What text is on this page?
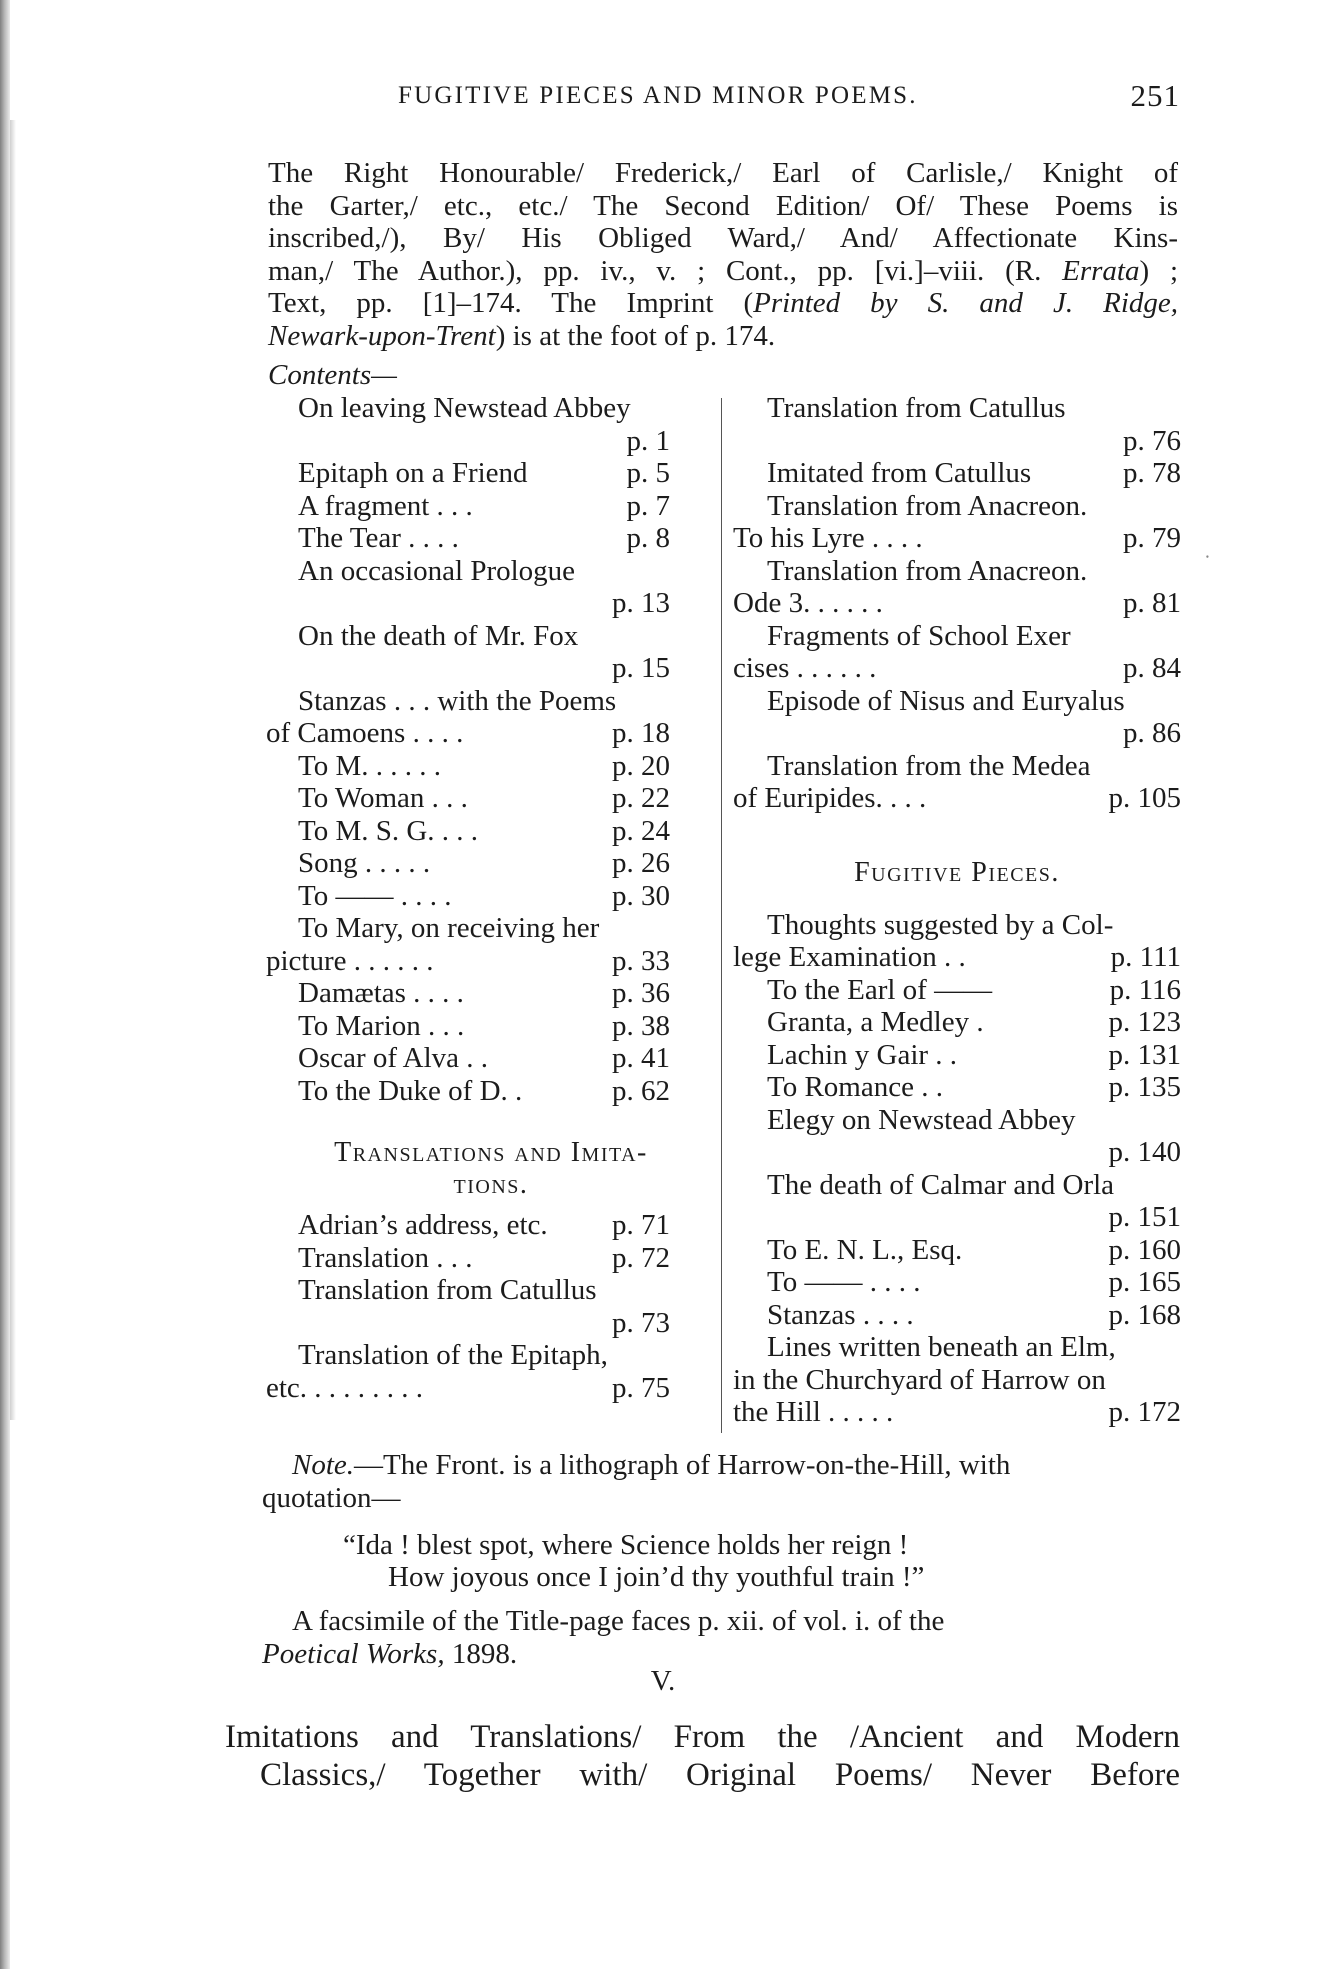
⸱
FUGITIVE PIECES AND MINOR POEMS.	251
The Right Honourable/ Frederick,/ Earl of Carlisle,/ Knight of
the Garter,/ etc., etc./ The Second Edition/ Of/ These Poems is
inscribed,/), By/ His Obliged Ward,/ And/ Affectionate Kins-
man,/ The Author.), pp. iv., v. ; Cont., pp. [vi.]–viii. (R. Errata) ;
Text, pp. [1]–174. The Imprint (Printed by S. and J. Ridge,
Newark-upon-Trent) is at the foot of p. 174.
Contents—
On leaving Newstead Abbey
p. 1
Epitaph on a Friend	p. 5
A fragment . . .	p. 7
The Tear . . . .	p. 8
An occasional Prologue
p. 13
On the death of Mr. Fox
p. 15
Stanzas . . . with the Poems
of Camoens . . . .	p. 18
To M. . . . . .	p. 20
To Woman . . .	p. 22
To M. S. G. . . .	p. 24
Song . . . . .	p. 26
To —— . . . .	p. 30
To Mary, on receiving her
picture . . . . . .	p. 33
Damætas . . . .	p. 36
To Marion . . .	p. 38
Oscar of Alva . .	p. 41
To the Duke of D. .	p. 62
Translations and Imita-
tions.
Adrian’s address, etc. p. 71
Translation . . .	p. 72
Translation from Catullus
p. 73
Translation of the Epitaph,
etc. . . . . . . . .	p. 75
Translation from Catullus
p. 76
Imitated from Catullus	p. 78
Translation from Anacreon.
To his Lyre . . . .	p. 79
Translation from Anacreon.
Ode 3. . . . . .	p. 81
Fragments of School Exer
cises . . . . . .	p. 84
Episode of Nisus and Euryalus
p. 86
Translation from the Medea
of Euripides. . . .	p. 105
Fugitive Pieces.
Thoughts suggested by a Col-
lege Examination . .	p. 111
To the Earl of ——	p. 116
Granta, a Medley .	p. 123
Lachin y Gair . .	p. 131
To Romance . .	p. 135
Elegy on Newstead Abbey
p. 140
The death of Calmar and Orla
p. 151
To E. N. L., Esq.	p. 160
To —— . . . .	p. 165
Stanzas . . . .	p. 168
Lines written beneath an Elm,
in the Churchyard of Harrow on
the Hill . . . . .	p. 172
Note.—The Front. is a lithograph of Harrow-on-the-Hill, with
quotation—
“Ida ! blest spot, where Science holds her reign !
How joyous once I join’d thy youthful train !”
A facsimile of the Title-page faces p. xii. of vol. i. of the
Poetical Works, 1898.
V.
Imitations and Translations/ From the /Ancient and Modern
Classics,/ Together with/ Original Poems/ Never Before
